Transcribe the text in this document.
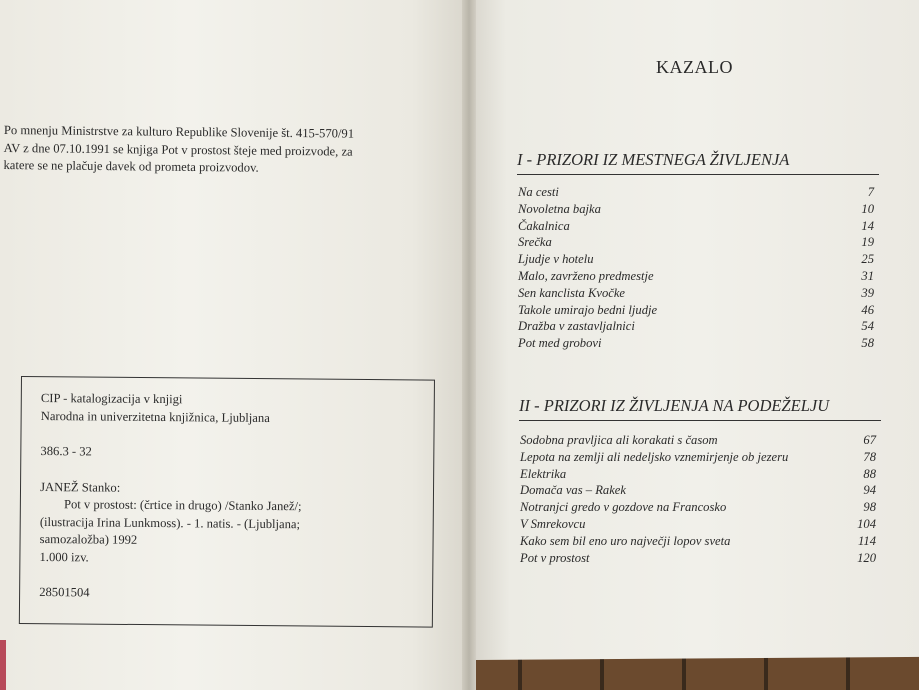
Po mnenju Ministrstve za kulturo Republike Slovenije št. 415-570/91
AV z dne 07.10.1991 se knjiga Pot v prostost šteje med proizvode, za
katere se ne plačuje davek od prometa proizvodov.
CIP - katalogizacija v knjigi
Narodna in univerzitetna knjižnica, Ljubljana
386.3 - 32
JANEŽ Stanko:
Pot v prostost: (črtice in drugo) /Stanko Janež/;
(ilustracija Irina Lunkmoss). - 1. natis. - (Ljubljana;
samozaložba) 1992
1.000 izv.
28501504
KAZALO
I - PRIZORI IZ MESTNEGA ŽIVLJENJA
Na cesti	7
Novoletna bajka	10
Čakalnica	14
Srečka	19
Ljudje v hotelu	25
Malo, zavrženo predmestje	31
Sen kanclista Kvočke	39
Takole umirajo bedni ljudje	46
Dražba v zastavljalnici	54
Pot med grobovi	58
II - PRIZORI IZ ŽIVLJENJA NA PODEŽELJU
Sodobna pravljica ali korakati s časom	67
Lepota na zemlji ali nedeljsko vznemirjenje ob jezeru	78
Elektrika	88
Domača vas – Rakek	94
Notranjci gredo v gozdove na Francosko	98
V Smrekovcu	104
Kako sem bil eno uro največji lopov sveta	114
Pot v prostost	120
